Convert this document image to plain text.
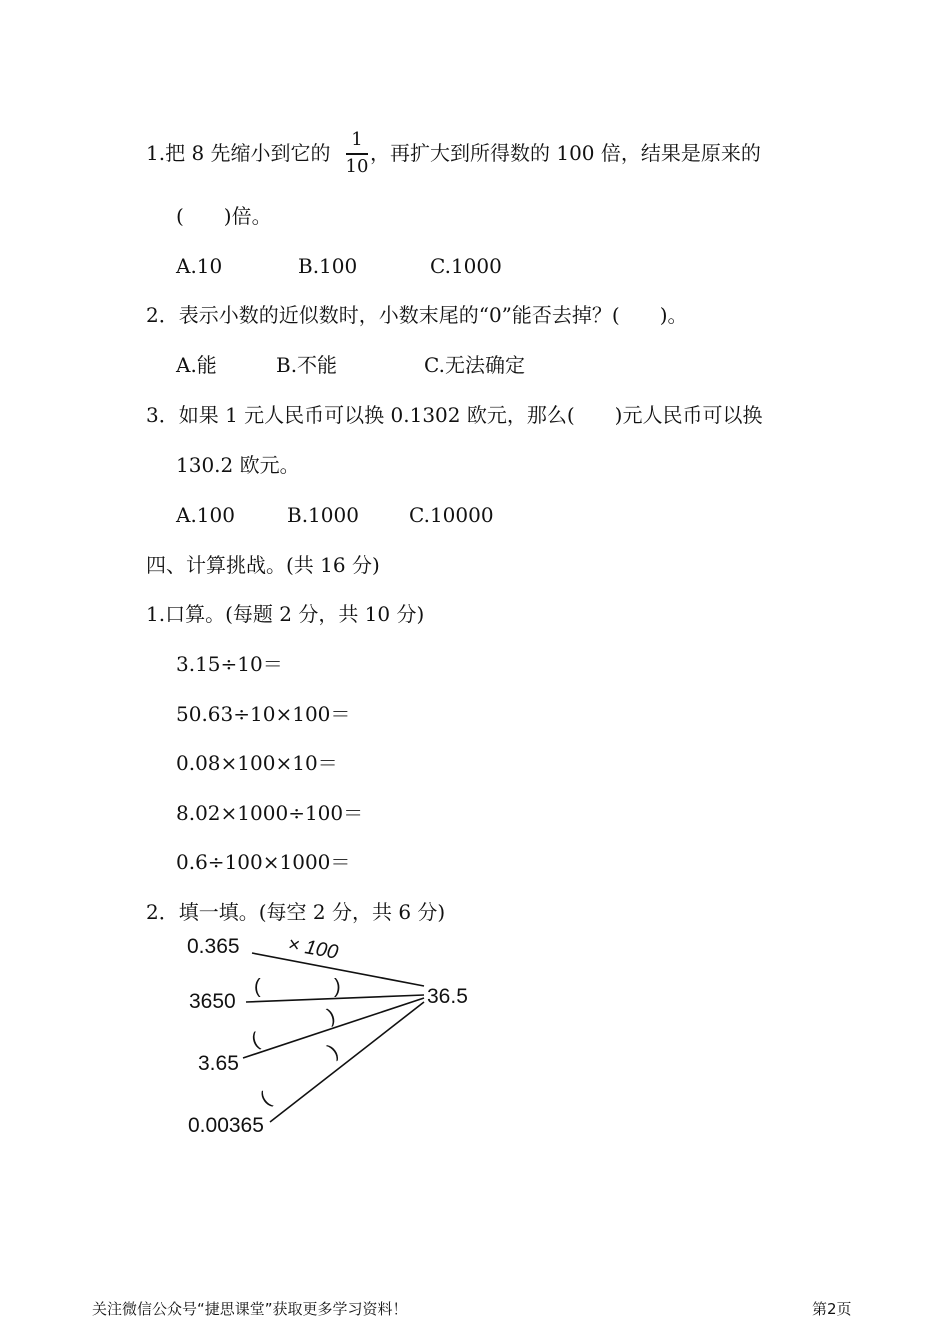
1.把 8 先缩小到它的
1
10
，再扩大到所得数的 100 倍，结果是原来的
(　　)倍。
A.10	B.100	C.1000
2．表示小数的近似数时，小数末尾的“0”能否去掉？(　　)。
A.能	B.不能	C.无法确定
3．如果 1 元人民币可以换 0.1302 欧元，那么(　　)元人民币可以换
130.2 欧元。
A.100	B.1000	C.10000
四、计算挑战。(共 16 分)
1.口算。(每题 2 分，共 10 分)
3.15÷10＝
50.63÷10×100＝
0.08×100×10＝
8.02×1000÷100＝
0.6÷100×1000＝
2．填一填。(每空 2 分，共 6 分)
0.365
3650
3.65
0.00365
36.5
× 100
(	)
(
)
(
)
关注微信公众号“捷思课堂”获取更多学习资料！	第2页
